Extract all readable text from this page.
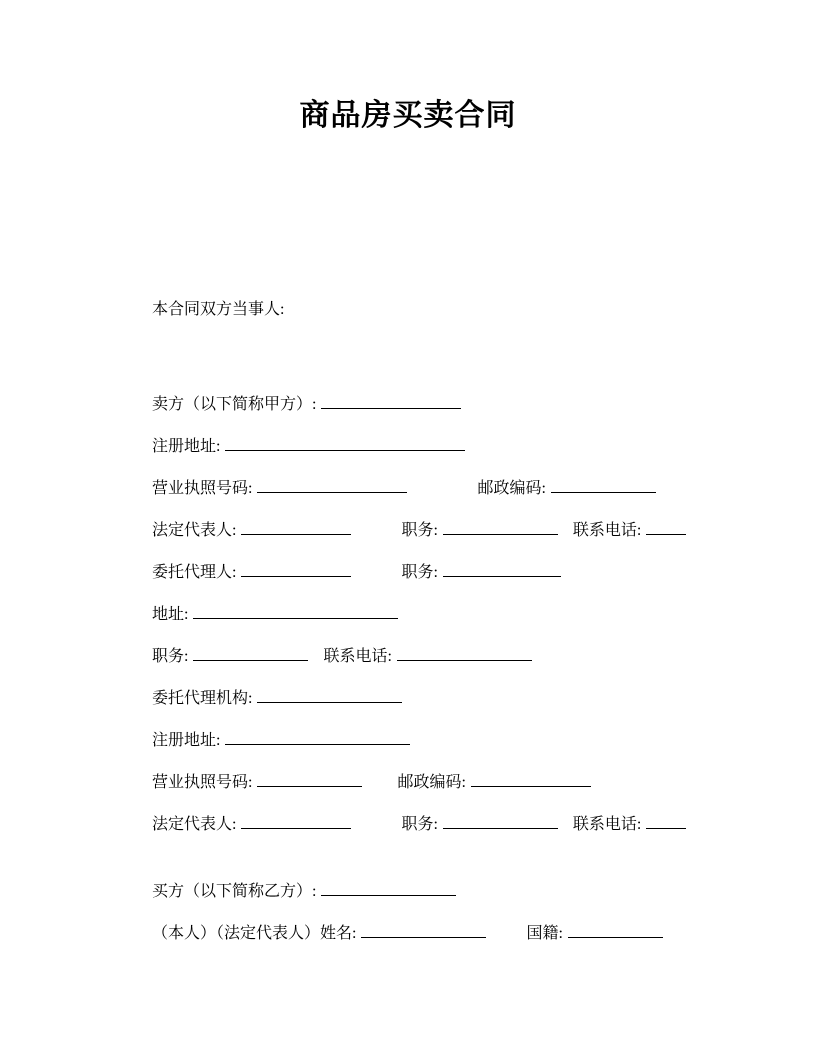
商品房买卖合同

本合同双方当事人:

卖方（以下简称甲方）:
注册地址:
营业执照号码:	邮政编码:
法定代表人:	职务:	联系电话:
委托代理人:	职务:
地址:
职务:	联系电话:
委托代理机构:
注册地址:
营业执照号码:	邮政编码:
法定代表人:	职务:	联系电话:
买方（以下简称乙方）:
（本人）（法定代表人）姓名:	国籍:
